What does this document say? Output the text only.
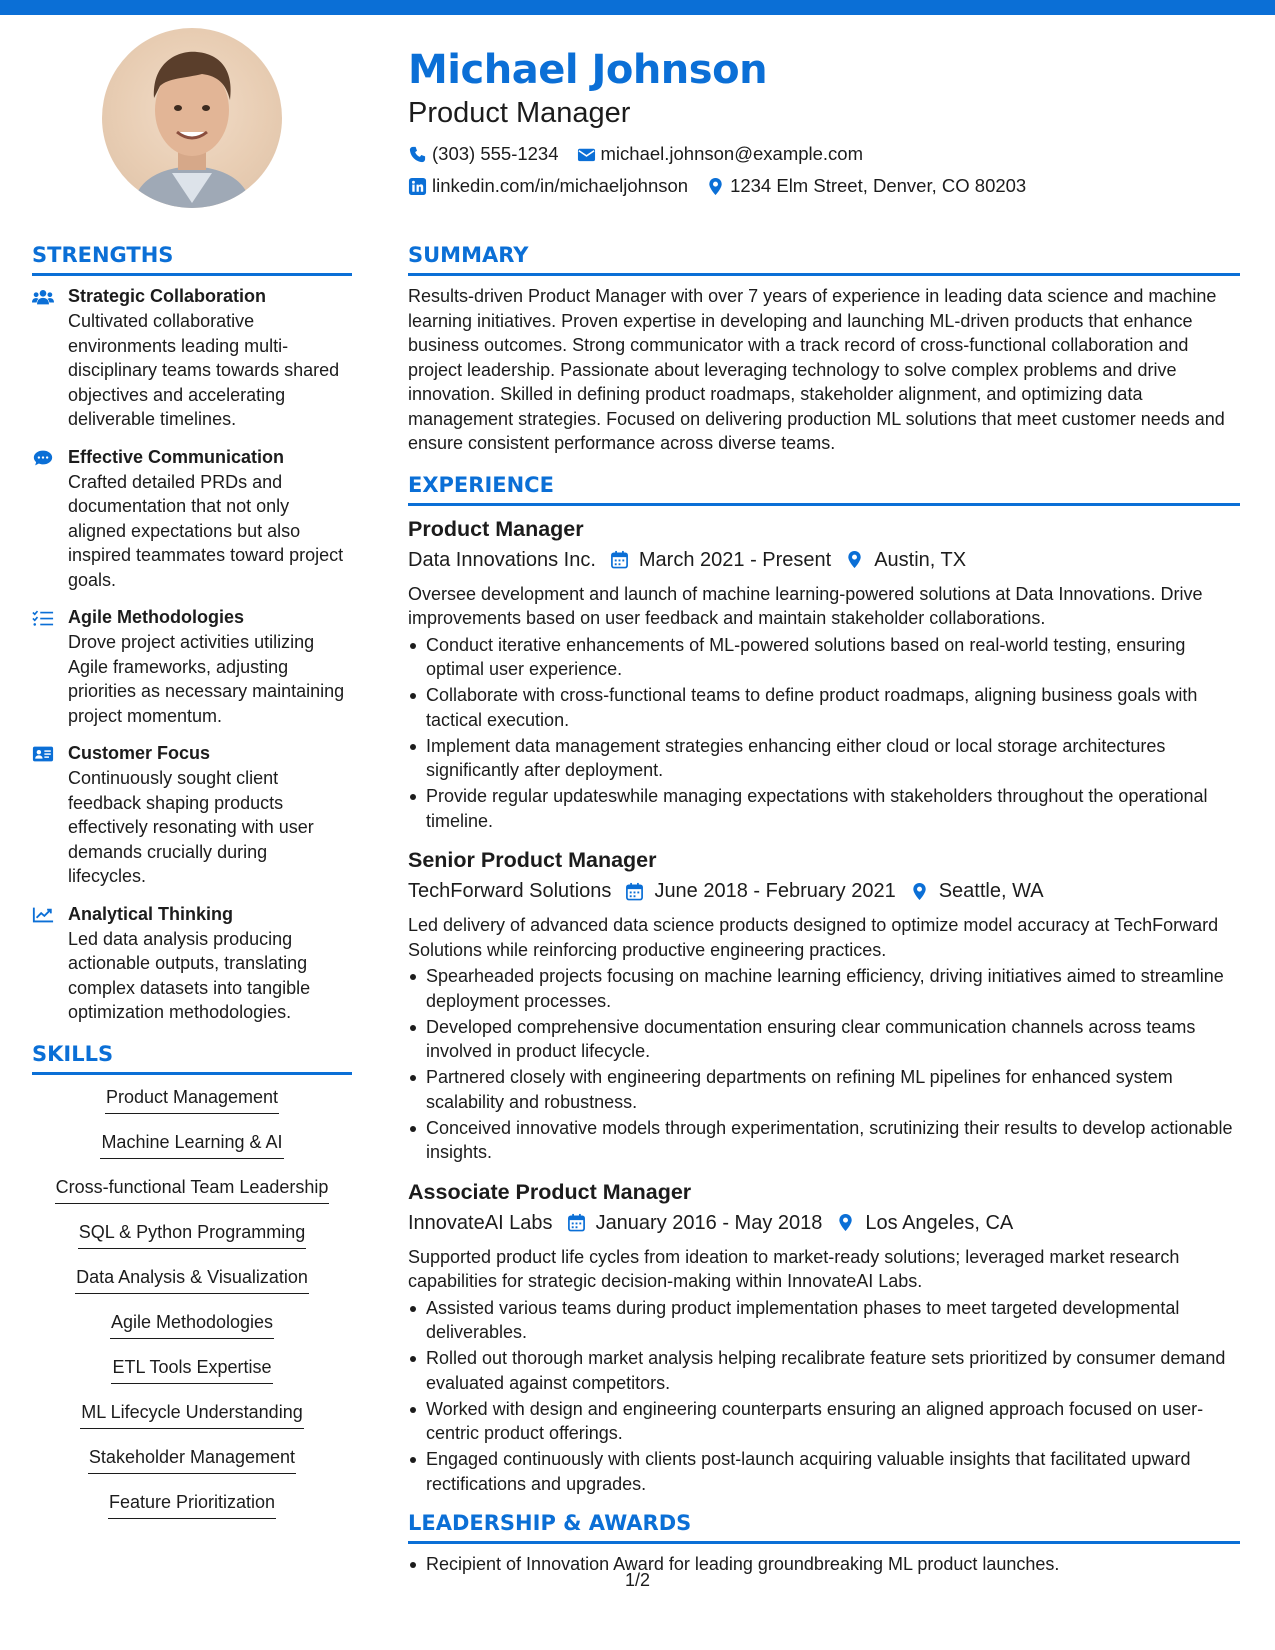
Michael Johnson
Product Manager
(303) 555-1234 michael.johnson@example.com
linkedin.com/in/michaeljohnson 1234 Elm Street, Denver, CO 80203
STRENGTHS
Strategic Collaboration
Cultivated collaborative environments leading multi-disciplinary teams towards shared objectives and accelerating deliverable timelines.
Effective Communication
Crafted detailed PRDs and documentation that not only aligned expectations but also inspired teammates toward project goals.
Agile Methodologies
Drove project activities utilizing Agile frameworks, adjusting priorities as necessary maintaining project momentum.
Customer Focus
Continuously sought client feedback shaping products effectively resonating with user demands crucially during lifecycles.
Analytical Thinking
Led data analysis producing actionable outputs, translating complex datasets into tangible optimization methodologies.
SKILLS
Product Management
Machine Learning & AI
Cross-functional Team Leadership
SQL & Python Programming
Data Analysis & Visualization
Agile Methodologies
ETL Tools Expertise
ML Lifecycle Understanding
Stakeholder Management
Feature Prioritization
SUMMARY
Results-driven Product Manager with over 7 years of experience in leading data science and machine learning initiatives. Proven expertise in developing and launching ML-driven products that enhance business outcomes. Strong communicator with a track record of cross-functional collaboration and project leadership. Passionate about leveraging technology to solve complex problems and drive innovation. Skilled in defining product roadmaps, stakeholder alignment, and optimizing data management strategies. Focused on delivering production ML solutions that meet customer needs and ensure consistent performance across diverse teams.
EXPERIENCE
Product Manager
Data Innovations Inc. March 2021 - Present Austin, TX
Oversee development and launch of machine learning-powered solutions at Data Innovations. Drive improvements based on user feedback and maintain stakeholder collaborations.
Conduct iterative enhancements of ML-powered solutions based on real-world testing, ensuring optimal user experience.
Collaborate with cross-functional teams to define product roadmaps, aligning business goals with tactical execution.
Implement data management strategies enhancing either cloud or local storage architectures significantly after deployment.
Provide regular updateswhile managing expectations with stakeholders throughout the operational timeline.
Senior Product Manager
TechForward Solutions June 2018 - February 2021 Seattle, WA
Led delivery of advanced data science products designed to optimize model accuracy at TechForward Solutions while reinforcing productive engineering practices.
Spearheaded projects focusing on machine learning efficiency, driving initiatives aimed to streamline deployment processes.
Developed comprehensive documentation ensuring clear communication channels across teams involved in product lifecycle.
Partnered closely with engineering departments on refining ML pipelines for enhanced system scalability and robustness.
Conceived innovative models through experimentation, scrutinizing their results to develop actionable insights.
Associate Product Manager
InnovateAI Labs January 2016 - May 2018 Los Angeles, CA
Supported product life cycles from ideation to market-ready solutions; leveraged market research capabilities for strategic decision-making within InnovateAI Labs.
Assisted various teams during product implementation phases to meet targeted developmental deliverables.
Rolled out thorough market analysis helping recalibrate feature sets prioritized by consumer demand evaluated against competitors.
Worked with design and engineering counterparts ensuring an aligned approach focused on user-centric product offerings.
Engaged continuously with clients post-launch acquiring valuable insights that facilitated upward rectifications and upgrades.
LEADERSHIP & AWARDS
Recipient of Innovation Award for leading groundbreaking ML product launches.
1/2
